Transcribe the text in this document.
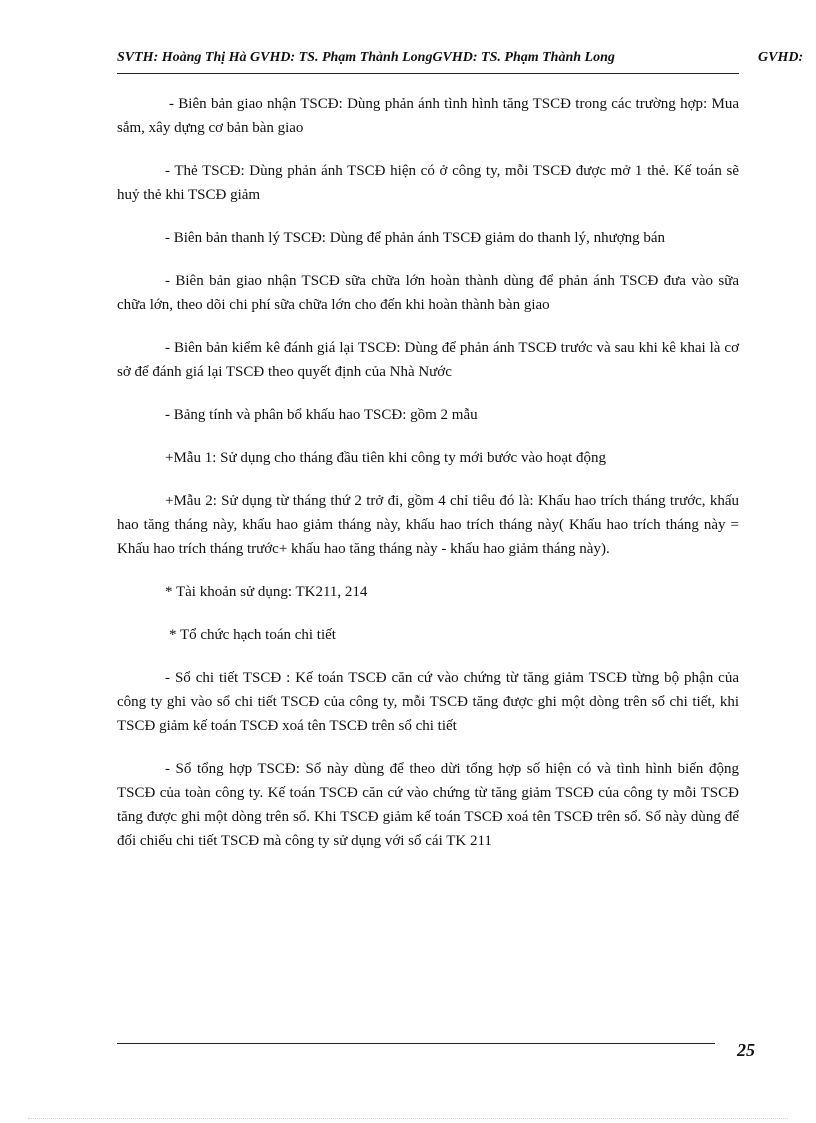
SVTH: Hoàng Thị Hà GVHD: TS. Phạm Thành LongGVHD: TS. Phạm Thành Long	GVHD:

- Biên bản giao nhận TSCĐ: Dùng phản ánh tình hình tăng TSCĐ trong các trường hợp: Mua sắm, xây dựng cơ bản bàn giao

- Thẻ TSCĐ: Dùng phản ánh TSCĐ hiện có ở công ty, mỗi TSCĐ được mở 1 thẻ. Kế toán sẽ huỷ thẻ khi TSCĐ giảm

- Biên bản thanh lý TSCĐ: Dùng để phản ánh TSCĐ giảm do thanh lý, nhượng bán

- Biên bản giao nhận TSCĐ sữa chữa lớn hoàn thành dùng để phản ánh TSCĐ đưa vào sữa chữa lớn, theo dõi chi phí sữa chữa lớn cho đến khi hoàn thành bàn giao

- Biên bản kiểm kê đánh giá lại TSCĐ: Dùng để phản ánh TSCĐ trước và sau khi kê khai là cơ sở để đánh giá lại TSCĐ theo quyết định của Nhà Nước

- Bảng tính và phân bổ khấu hao TSCĐ: gồm 2 mẫu

+Mẫu 1: Sử dụng cho tháng đầu tiên khi công ty mới bước vào hoạt động

+Mẫu 2: Sử dụng từ tháng thứ 2 trở đi, gồm 4 chỉ tiêu đó là: Khấu hao trích tháng trước, khấu hao tăng tháng này, khấu hao giảm tháng này, khấu hao trích tháng này( Khấu hao trích tháng này = Khấu hao trích tháng trước+ khấu hao tăng tháng này - khấu hao giảm tháng này).

* Tài khoản sử dụng: TK211, 214

* Tổ chức hạch toán chi tiết

- Sổ chi tiết TSCĐ : Kế toán TSCĐ căn cứ vào chứng từ tăng giảm TSCĐ từng bộ phận của công ty ghi vào sổ chi tiết TSCĐ của công ty, mỗi TSCĐ tăng được ghi một dòng trên sổ chi tiết, khi TSCĐ giảm kế toán TSCĐ xoá tên TSCĐ trên sổ chi tiết

- Sổ tổng hợp TSCĐ: Sổ này dùng để theo dừi tổng hợp số hiện có và tình hình biến động TSCĐ của toàn công ty. Kế toán TSCĐ căn cứ vào chứng từ tăng giảm TSCĐ của công ty mỗi TSCĐ tăng được ghi một dòng trên sổ. Khi TSCĐ giảm kế toán TSCĐ xoá tên TSCĐ trên sổ. Sổ này dùng để đối chiếu chi tiết TSCĐ mà công ty sử dụng với sổ cái TK 211

25
